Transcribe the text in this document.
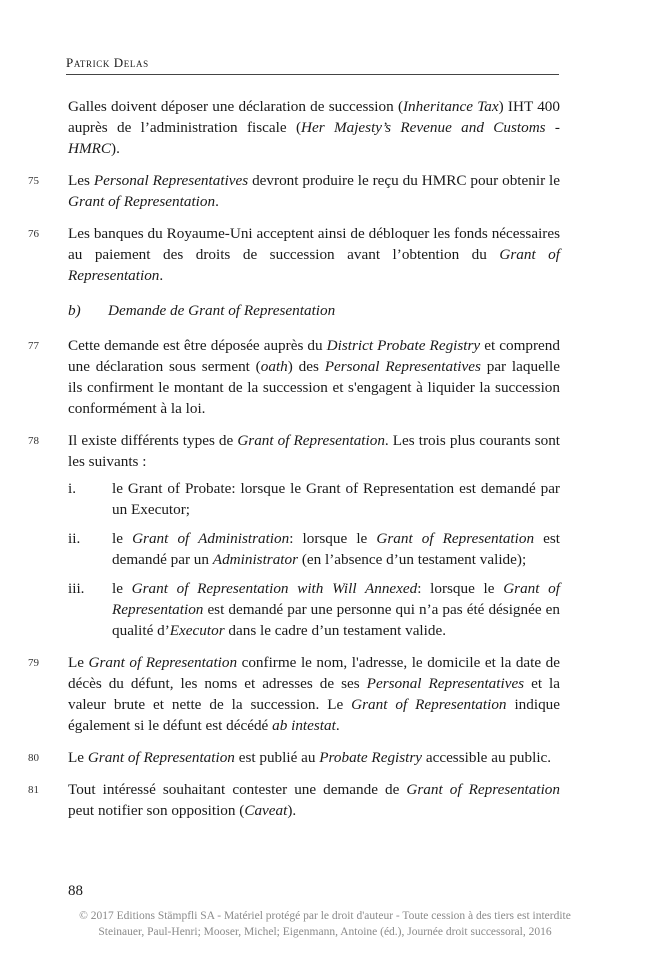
Patrick Delas

Galles doivent déposer une déclaration de succession (Inheritance Tax) IHT 400 auprès de l’administration fiscale (Her Majesty’s Revenue and Customs - HMRC).

75	Les Personal Representatives devront produire le reçu du HMRC pour obtenir le Grant of Representation.

76	Les banques du Royaume-Uni acceptent ainsi de débloquer les fonds nécessaires au paiement des droits de succession avant l’obtention du Grant of Representation.

b) Demande de Grant of Representation

77	Cette demande est être déposée auprès du District Probate Registry et comprend une déclaration sous serment (oath) des Personal Representatives par laquelle ils confirment le montant de la succession et s'engagent à liquider la succession conformément à la loi.

78	Il existe différents types de Grant of Representation. Les trois plus courants sont les suivants :

i.	le Grant of Probate: lorsque le Grant of Representation est demandé par un Executor;
ii.	le Grant of Administration: lorsque le Grant of Representation est demandé par un Administrator (en l’absence d’un testament valide);
iii.	le Grant of Representation with Will Annexed: lorsque le Grant of Representation est demandé par une personne qui n’a pas été désignée en qualité d’Executor dans le cadre d’un testament valide.

79	Le Grant of Representation confirme le nom, l'adresse, le domicile et la date de décès du défunt, les noms et adresses de ses Personal Representatives et la valeur brute et nette de la succession. Le Grant of Representation indique également si le défunt est décédé ab intestat.

80	Le Grant of Representation est publié au Probate Registry accessible au public.

81	Tout intéressé souhaitant contester une demande de Grant of Representation peut notifier son opposition (Caveat).

88
© 2017 Editions Stämpfli SA - Matériel protégé par le droit d'auteur - Toute cession à des tiers est interdite
Steinauer, Paul-Henri; Mooser, Michel; Eigenmann, Antoine (éd.), Journée droit successoral, 2016
